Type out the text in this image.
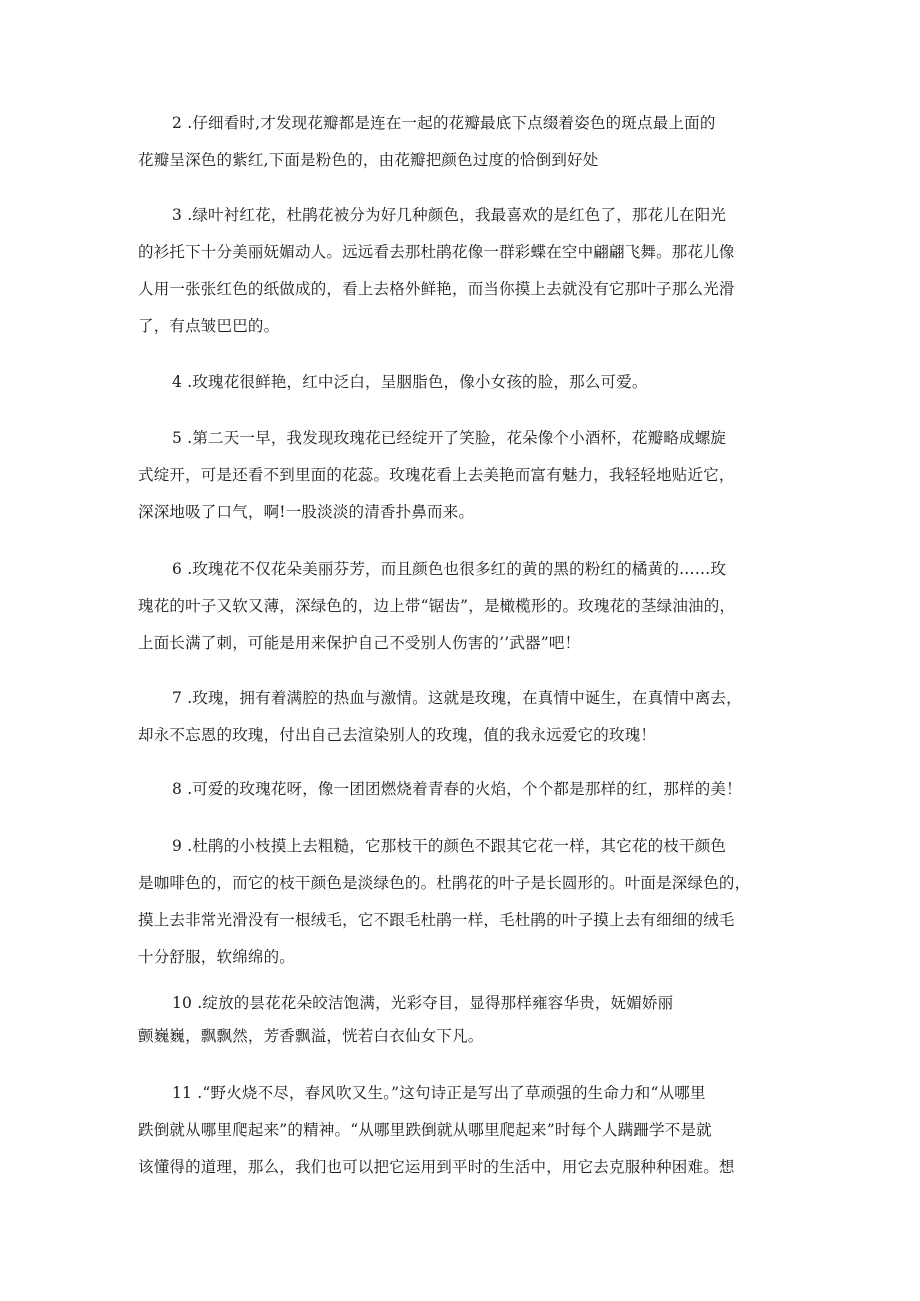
2 .仔细看时,才发现花瓣都是连在一起的花瓣最底下点缀着姿色的斑点最上面的
花瓣呈深色的紫红,下面是粉色的，由花瓣把颜色过度的恰倒到好处
3 .绿叶衬红花，杜鹃花被分为好几种颜色，我最喜欢的是红色了，那花儿在阳光
的衫托下十分美丽妩媚动人。远远看去那杜鹃花像一群彩蝶在空中翩翩飞舞。那花儿像
人用一张张红色的纸做成的，看上去格外鲜艳，而当你摸上去就没有它那叶子那么光滑
了，有点皱巴巴的。
4 .玫瑰花很鲜艳，红中泛白，呈胭脂色，像小女孩的脸，那么可爱。
5 .第二天一早，我发现玫瑰花已经绽开了笑脸，花朵像个小酒杯，花瓣略成螺旋
式绽开，可是还看不到里面的花蕊。玫瑰花看上去美艳而富有魅力，我轻轻地贴近它，
深深地吸了口气，啊!一股淡淡的清香扑鼻而来。
6 .玫瑰花不仅花朵美丽芬芳，而且颜色也很多红的黄的黑的粉红的橘黄的……玫
瑰花的叶子又软又薄，深绿色的，边上带“锯齿”，是橄榄形的。玫瑰花的茎绿油油的，
上面长满了刺，可能是用来保护自己不受别人伤害的’’武器”吧！
7 .玫瑰，拥有着满腔的热血与激情。这就是玫瑰，在真情中诞生，在真情中离去，
却永不忘恩的玫瑰，付出自己去渲染别人的玫瑰，值的我永远爱它的玫瑰！
8 .可爱的玫瑰花呀，像一团团燃烧着青春的火焰，个个都是那样的红，那样的美！
9 .杜鹃的小枝摸上去粗糙，它那枝干的颜色不跟其它花一样，其它花的枝干颜色
是咖啡色的，而它的枝干颜色是淡绿色的。杜鹃花的叶子是长圆形的。叶面是深绿色的，
摸上去非常光滑没有一根绒毛，它不跟毛杜鹃一样，毛杜鹃的叶子摸上去有细细的绒毛
十分舒服，软绵绵的。
10 .绽放的昙花花朵皎洁饱满，光彩夺目，显得那样雍容华贵，妩媚娇丽
颤巍巍，飘飘然，芳香飘溢，恍若白衣仙女下凡。
11 .“野火烧不尽，春风吹又生。”这句诗正是写出了草顽强的生命力和“从哪里
跌倒就从哪里爬起来”的精神。“从哪里跌倒就从哪里爬起来”时每个人蹒跚学不是就
该懂得的道理，那么，我们也可以把它运用到平时的生活中，用它去克服种种困难。想
